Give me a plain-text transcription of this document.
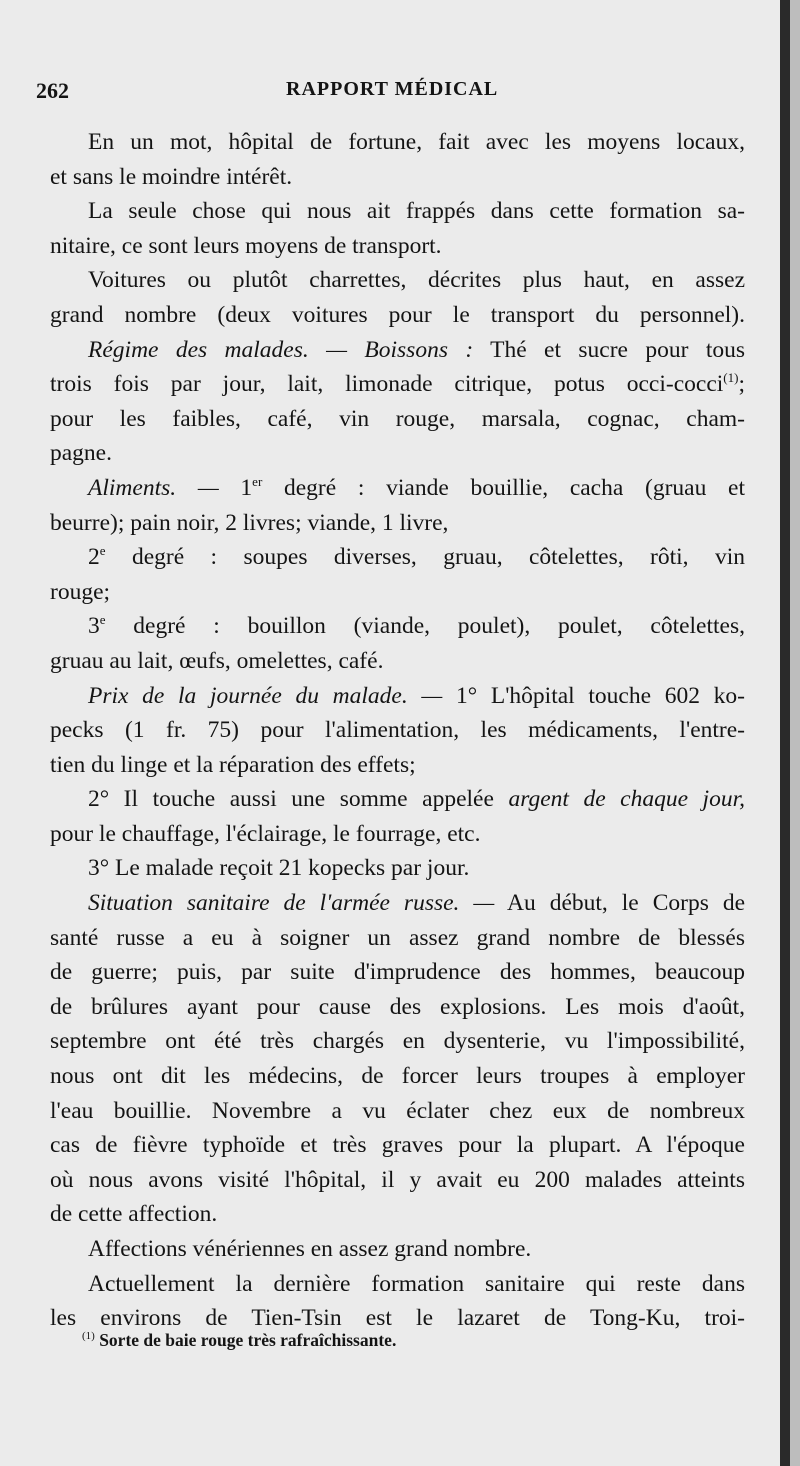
262	RAPPORT MÉDICAL
En un mot, hôpital de fortune, fait avec les moyens locaux,
et sans le moindre intérêt.
La seule chose qui nous ait frappés dans cette formation sa-
nitaire, ce sont leurs moyens de transport.
Voitures ou plutôt charrettes, décrites plus haut, en assez
grand nombre (deux voitures pour le transport du personnel).
Régime des malades. — Boissons : Thé et sucre pour tous
trois fois par jour, lait, limonade citrique, potus occi-cocci$^{(1)}$;
pour les faibles, café, vin rouge, marsala, cognac, cham-
pagne.
Aliments. — 1er degré : viande bouillie, cacha (gruau et
beurre); pain noir, 2 livres; viande, 1 livre,
2e degré : soupes diverses, gruau, côtelettes, rôti, vin
rouge;
3e degré : bouillon (viande, poulet), poulet, côtelettes,
gruau au lait, œufs, omelettes, café.
Prix de la journée du malade. — 1° L'hôpital touche 602 ko-
pecks (1 fr. 75) pour l'alimentation, les médicaments, l'entre-
tien du linge et la réparation des effets;
2° Il touche aussi une somme appelée argent de chaque jour,
pour le chauffage, l'éclairage, le fourrage, etc.
3° Le malade reçoit 21 kopecks par jour.
Situation sanitaire de l'armée russe. — Au début, le Corps de
santé russe a eu à soigner un assez grand nombre de blessés
de guerre; puis, par suite d'imprudence des hommes, beaucoup
de brûlures ayant pour cause des explosions. Les mois d'août,
septembre ont été très chargés en dysenterie, vu l'impossibilité,
nous ont dit les médecins, de forcer leurs troupes à employer
l'eau bouillie. Novembre a vu éclater chez eux de nombreux
cas de fièvre typhoïde et très graves pour la plupart. A l'époque
où nous avons visité l'hôpital, il y avait eu 200 malades atteints
de cette affection.
Affections vénériennes en assez grand nombre.
Actuellement la dernière formation sanitaire qui reste dans
les environs de Tien-Tsin est le lazaret de Tong-Ku, troi-
$^{(1)}$ Sorte de baie rouge très rafraîchissante.
